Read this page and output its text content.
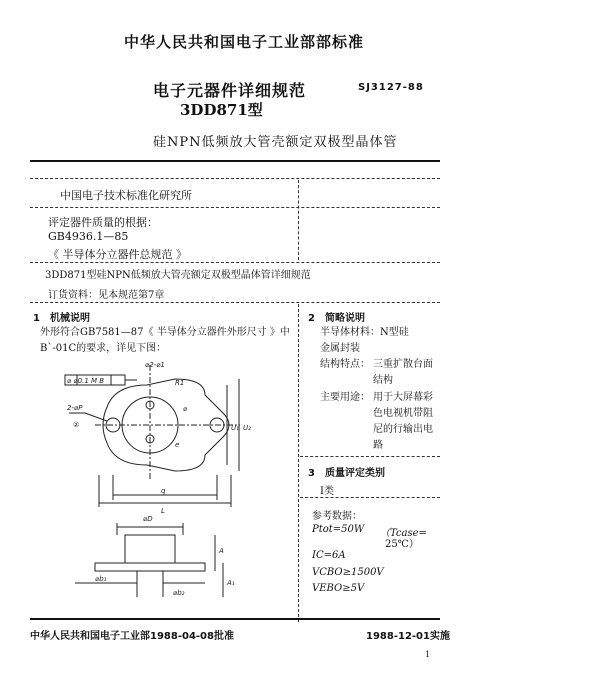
中华人民共和国电子工业部部标准
电子元器件详细规范	SJ3127-88
3DD871型
硅NPN低频放大管壳额定双极型晶体管
中国电子技术标准化研究所
评定器件质量的根据：
GB4936.1—85
《 半导体分立器件总规范 》
3DD871型硅NPN低频放大管壳额定双极型晶体管详细规范
订货资料：见本规范第7章
1　机械说明
外形符合GB7581—87《 半导体分立器件外形尺寸 》中
B`-01C的要求，详见下图：
⌀2-⌀1
⌀ ⌀0.1 M B	R1
2-⌀P
②
⌀
U₁ U₂
e
q
L
⌀D
⌀b₁
⌀b₂
A
A₁
2　简略说明
半导体材料：N型硅
金属封装
结构特点： 三重扩散台面
结构
主要用途： 用于大屏幕彩
色电视机带阻
尼的行输出电
路
3　质量评定类别
Ⅰ类
参考数据：
Ptot=50W （Tcase=
25℃）
IC=6A
VCBO≥1500V
VEBO≥5V
中华人民共和国电子工业部1988-04-08批准	1988-12-01实施
1
